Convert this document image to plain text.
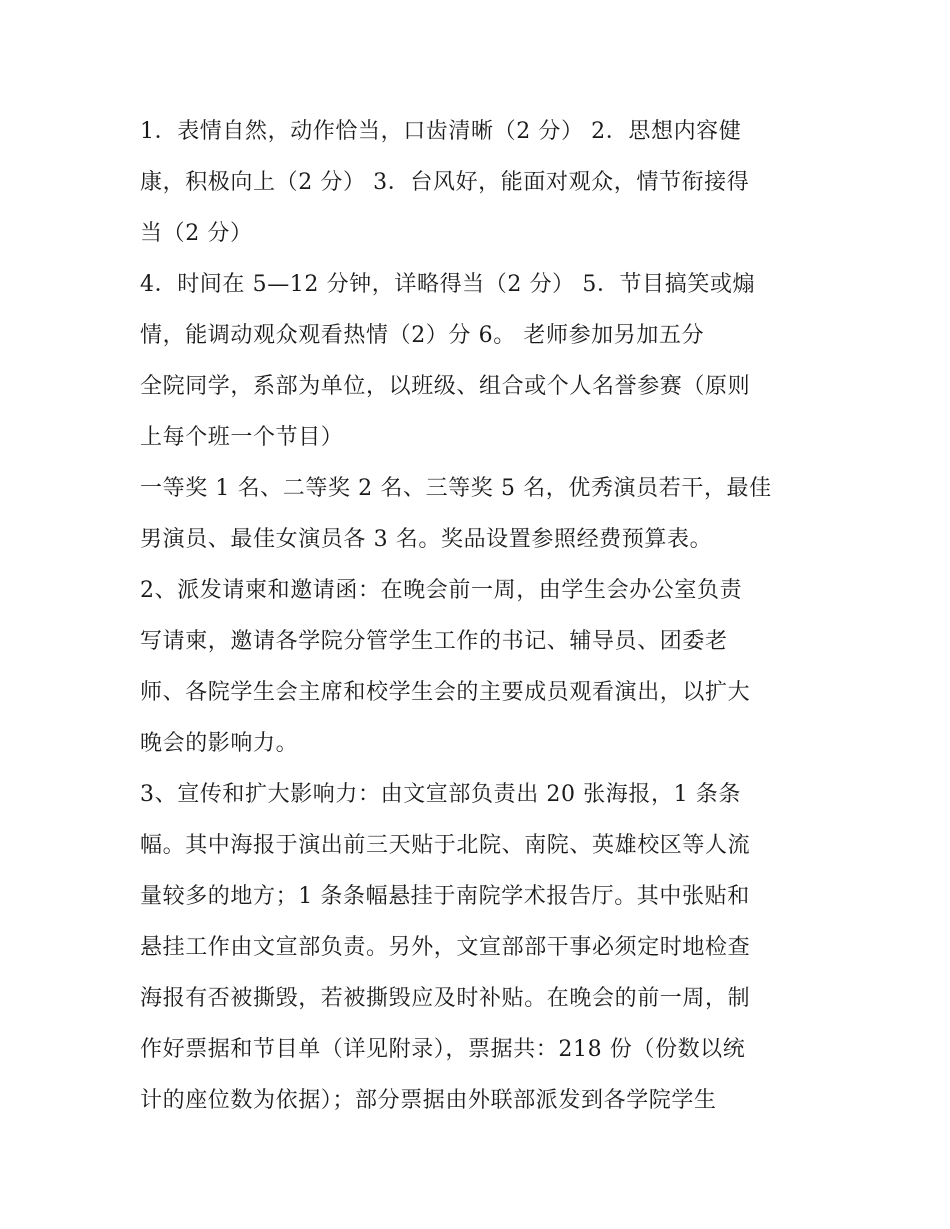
1．表情自然，动作恰当，口齿清晰（2 分） 2．思想内容健
康，积极向上（2 分） 3．台风好，能面对观众，情节衔接得
当（2 分）
4．时间在 5—12 分钟，详略得当（2 分） 5．节目搞笑或煽
情，能调动观众观看热情（2）分 6。 老师参加另加五分
全院同学，系部为单位，以班级、组合或个人名誉参赛（原则
上每个班一个节目）
一等奖 1 名、二等奖 2 名、三等奖 5 名，优秀演员若干，最佳
男演员、最佳女演员各 3 名。奖品设置参照经费预算表。
2、派发请柬和邀请函：在晚会前一周，由学生会办公室负责
写请柬，邀请各学院分管学生工作的书记、辅导员、团委老
师、各院学生会主席和校学生会的主要成员观看演出，以扩大
晚会的影响力。
3、宣传和扩大影响力：由文宣部负责出 20 张海报，1 条条
幅。其中海报于演出前三天贴于北院、南院、英雄校区等人流
量较多的地方；1 条条幅悬挂于南院学术报告厅。其中张贴和
悬挂工作由文宣部负责。另外，文宣部部干事必须定时地检查
海报有否被撕毁，若被撕毁应及时补贴。在晚会的前一周，制
作好票据和节目单（详见附录），票据共：218 份（份数以统
计的座位数为依据）；部分票据由外联部派发到各学院学生
